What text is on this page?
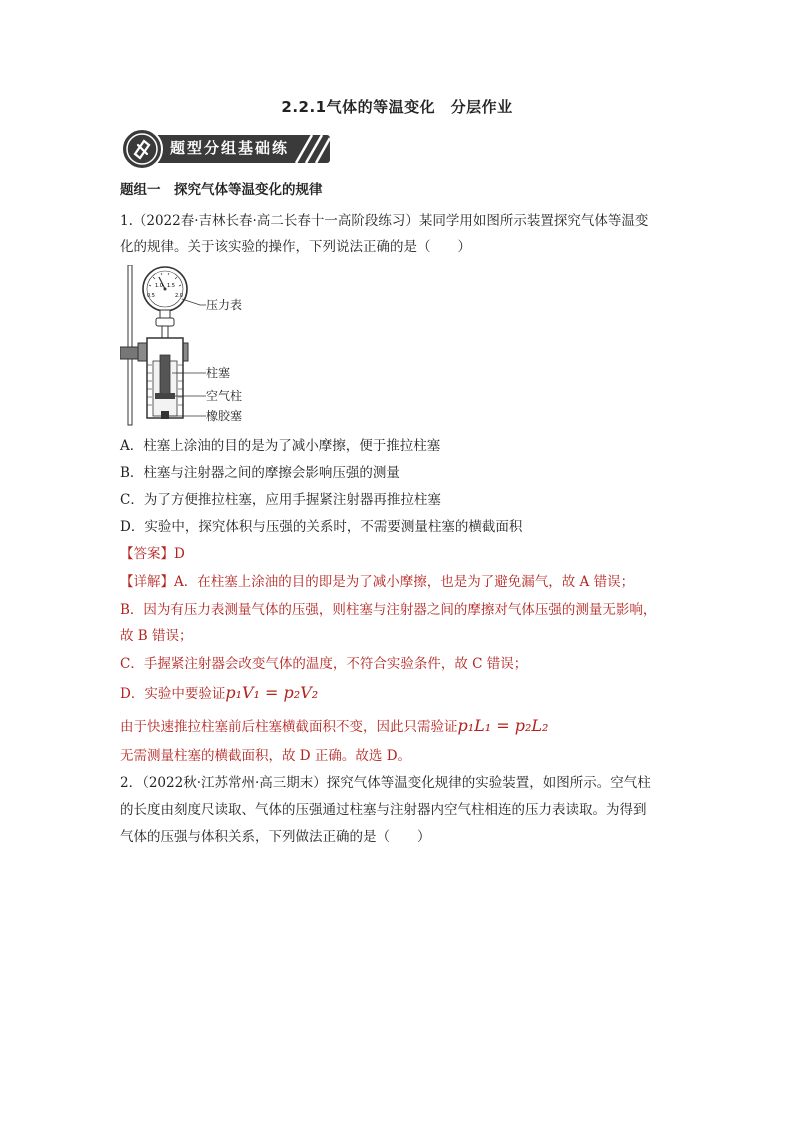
2.2.1气体的等温变化　分层作业
题型分组基础练
题组一　探究气体等温变化的规律
1.（2022春·吉林长春·高二长春十一高阶段练习）某同学用如图所示装置探究气体等温变
化的规律。关于该实验的操作，下列说法正确的是（　　）
0.5
1.0 1.5
2.0
压力表
柱塞
空气柱
橡胶塞
A．柱塞上涂油的目的是为了减小摩擦，便于推拉柱塞
B．柱塞与注射器之间的摩擦会影响压强的测量
C．为了方便推拉柱塞，应用手握紧注射器再推拉柱塞
D．实验中，探究体积与压强的关系时，不需要测量柱塞的横截面积
【答案】D
【详解】A．在柱塞上涂油的目的即是为了减小摩擦，也是为了避免漏气，故 A 错误；
B．因为有压力表测量气体的压强，则柱塞与注射器之间的摩擦对气体压强的测量无影响，
故 B 错误；
C．手握紧注射器会改变气体的温度，不符合实验条件，故 C 错误；
D．实验中要验证p₁V₁ = p₂V₂
由于快速推拉柱塞前后柱塞横截面积不变，因此只需验证p₁L₁ = p₂L₂
无需测量柱塞的横截面积，故 D 正确。故选 D。
2．（2022秋·江苏常州·高三期末）探究气体等温变化规律的实验装置，如图所示。空气柱
的长度由刻度尺读取、气体的压强通过柱塞与注射器内空气柱相连的压力表读取。为得到
气体的压强与体积关系，下列做法正确的是（　　）
